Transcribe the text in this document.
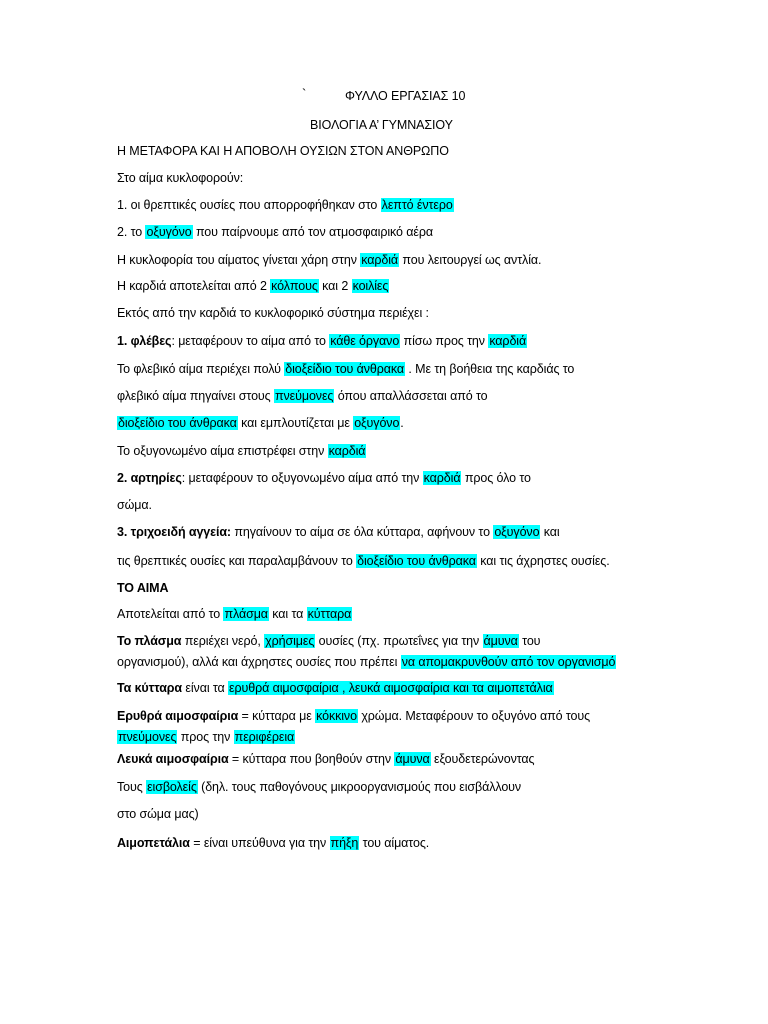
`	ΦΥΛΛΟ ΕΡΓΑΣΙΑΣ 10
ΒΙΟΛΟΓΙΑ Α’ ΓΥΜΝΑΣΙΟΥ
Η ΜΕΤΑΦΟΡΑ ΚΑΙ Η ΑΠΟΒΟΛΗ ΟΥΣΙΩΝ ΣΤΟΝ ΑΝΘΡΩΠΟ
Στο αίμα κυκλοφορούν:
1. οι θρεπτικές ουσίες που απορροφήθηκαν στο λεπτό έντερο
2. το οξυγόνο που παίρνουμε από τον ατμοσφαιρικό αέρα
Η κυκλοφορία του αίματος γίνεται χάρη στην καρδιά που λειτουργεί ως αντλία.
Η καρδιά αποτελείται από 2 κόλπους και 2 κοιλίες
Εκτός από την καρδιά το κυκλοφορικό σύστημα περιέχει :
1. φλέβες: μεταφέρουν το αίμα από το κάθε όργανο πίσω προς την καρδιά
Το φλεβικό αίμα περιέχει πολύ διοξείδιο του άνθρακα . Με τη βοήθεια της καρδιάς το
φλεβικό αίμα πηγαίνει στους πνεύμονες όπου απαλλάσσεται από το
διοξείδιο του άνθρακα και εμπλουτίζεται με οξυγόνο.
Το οξυγονωμένο αίμα επιστρέφει στην καρδιά
2. αρτηρίες: μεταφέρουν το οξυγονωμένο αίμα από την καρδιά προς όλο το
σώμα.
3. τριχοειδή αγγεία: πηγαίνουν το αίμα σε όλα κύτταρα, αφήνουν το οξυγόνο και
τις θρεπτικές ουσίες και παραλαμβάνουν το διοξείδιο του άνθρακα και τις άχρηστες ουσίες.
ΤΟ ΑΙΜΑ
Αποτελείται από το πλάσμα και τα κύτταρα
Το πλάσμα περιέχει νερό, χρήσιμες ουσίες (πχ. πρωτεΐνες για την άμυνα του
οργανισμού), αλλά και άχρηστες ουσίες που πρέπει να απομακρυνθούν από τον οργανισμό
Τα κύτταρα είναι τα ερυθρά αιμοσφαίρια , λευκά αιμοσφαίρια και τα αιμοπετάλια
Ερυθρά αιμοσφαίρια = κύτταρα με κόκκινο χρώμα. Μεταφέρουν το οξυγόνο από τους
πνεύμονες προς την περιφέρεια
Λευκά αιμοσφαίρια = κύτταρα που βοηθούν στην άμυνα εξουδετερώνοντας
Τους εισβολείς (δηλ. τους παθογόνους μικροοργανισμούς που εισβάλλουν
στο σώμα μας)
Αιμοπετάλια = είναι υπεύθυνα για την πήξη του αίματος.
